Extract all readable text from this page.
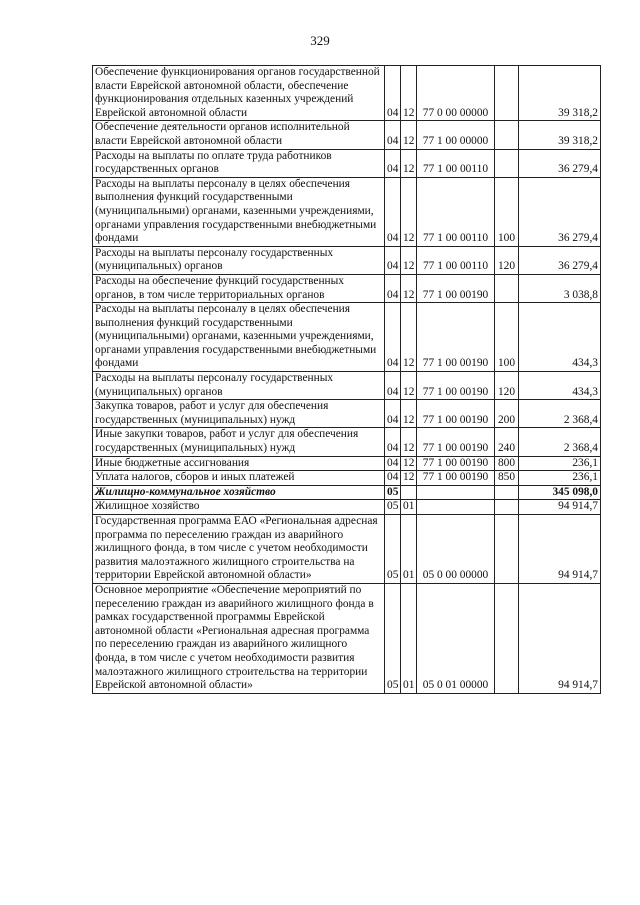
329
Обеспечение функционирования органов государственной власти Еврейской автономной области, обеспечение функционирования отдельных казенных учреждений Еврейской автономной области	04	12	77 0 00 00000		39 318,2
Обеспечение деятельности органов исполнительной власти Еврейской автономной области	04	12	77 1 00 00000		39 318,2
Расходы на выплаты по оплате труда работников государственных органов	04	12	77 1 00 00110		36 279,4
Расходы на выплаты персоналу в целях обеспечения выполнения функций государственными (муниципальными) органами, казенными учреждениями, органами управления государственными внебюджетными фондами	04	12	77 1 00 00110	100	36 279,4
Расходы на выплаты персоналу государственных (муниципальных) органов	04	12	77 1 00 00110	120	36 279,4
Расходы на обеспечение функций государственных органов, в том числе территориальных органов	04	12	77 1 00 00190		3 038,8
Расходы на выплаты персоналу в целях обеспечения выполнения функций государственными (муниципальными) органами, казенными учреждениями, органами управления государственными внебюджетными фондами	04	12	77 1 00 00190	100	434,3
Расходы на выплаты персоналу государственных (муниципальных) органов	04	12	77 1 00 00190	120	434,3
Закупка товаров, работ и услуг для обеспечения государственных (муниципальных) нужд	04	12	77 1 00 00190	200	2 368,4
Иные закупки товаров, работ и услуг для обеспечения государственных (муниципальных) нужд	04	12	77 1 00 00190	240	2 368,4
Иные бюджетные ассигнования	04	12	77 1 00 00190	800	236,1
Уплата налогов, сборов и иных платежей	04	12	77 1 00 00190	850	236,1
Жилищно-коммунальное хозяйство	05				345 098,0
Жилищное хозяйство	05	01			94 914,7
Государственная программа ЕАО «Региональная адресная программа по переселению граждан из аварийного жилищного фонда, в том числе с учетом необходимости развития малоэтажного жилищного строительства на территории Еврейской автономной области»	05	01	05 0 00 00000		94 914,7
Основное мероприятие «Обеспечение мероприятий по переселению граждан из аварийного жилищного фонда в рамках государственной программы Еврейской автономной области «Региональная адресная программа по переселению граждан из аварийного жилищного фонда, в том числе с учетом необходимости развития малоэтажного жилищного строительства на территории Еврейской автономной области»	05	01	05 0 01 00000		94 914,7
